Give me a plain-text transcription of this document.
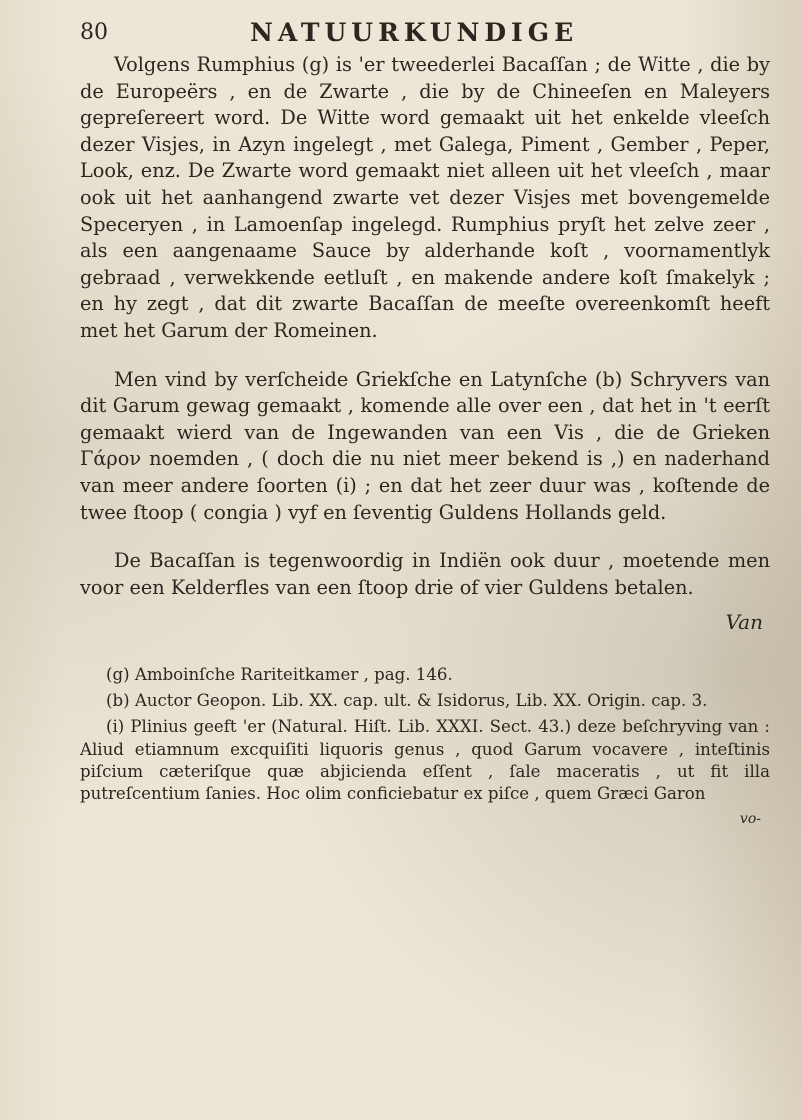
80	NATUURKUNDIGE

Volgens Rumphius (g) is 'er tweederlei Bacaſſan ; de Witte , die by de Europeërs , en de Zwarte , die by de Chineeſen en Maleyers gepreſereert word. De Witte word gemaakt uit het enkelde vleeſch dezer Visjes, in Azyn ingelegt , met Galega, Piment , Gember , Peper, Look, enz. De Zwarte word gemaakt niet alleen uit het vleeſch , maar ook uit het aanhangend zwarte vet dezer Visjes met bovengemelde Speceryen , in Lamoenſap ingelegd. Rumphius pryſt het zelve zeer , als een aangenaame Sauce by alderhande koſt , voornamentlyk gebraad , verwekkende eetluſt , en makende andere koſt ſmakelyk ; en hy zegt , dat dit zwarte Bacaſſan de meeſte overeenkomſt heeft met het Garum der Romeinen.

Men vind by verſcheide Griekſche en Latynſche (b) Schryvers van dit Garum gewag gemaakt , komende alle over een , dat het in 't eerſt gemaakt wierd van de Ingewanden van een Vis , die de Grieken Γάρον noemden , ( doch die nu niet meer bekend is ,) en naderhand van meer andere ſoorten (i) ; en dat het zeer duur was , koſtende de twee ſtoop ( congia ) vyf en ſeventig Guldens Hollands geld.

De Bacaſſan is tegenwoordig in Indiën ook duur , moetende men voor een Kelderfles van een ſtoop drie of vier Guldens betalen.

Van

(g) Amboinſche Rariteitkamer , pag. 146.

(b) Auctor Geopon. Lib. XX. cap. ult. & Isidorus, Lib. XX. Origin. cap. 3.

(i) Plinius geeft 'er (Natural. Hiſt. Lib. XXXI. Sect. 43.) deze beſchryving van : Aliud etiamnum excquiſiti liquoris genus , quod Garum vocavere , inteſtinis piſcium cæteriſque quæ abjicienda eſſent , ſale maceratis , ut fit illa putreſcentium ſanies. Hoc olim conficiebatur ex piſce , quem Græci Garon

vo-
